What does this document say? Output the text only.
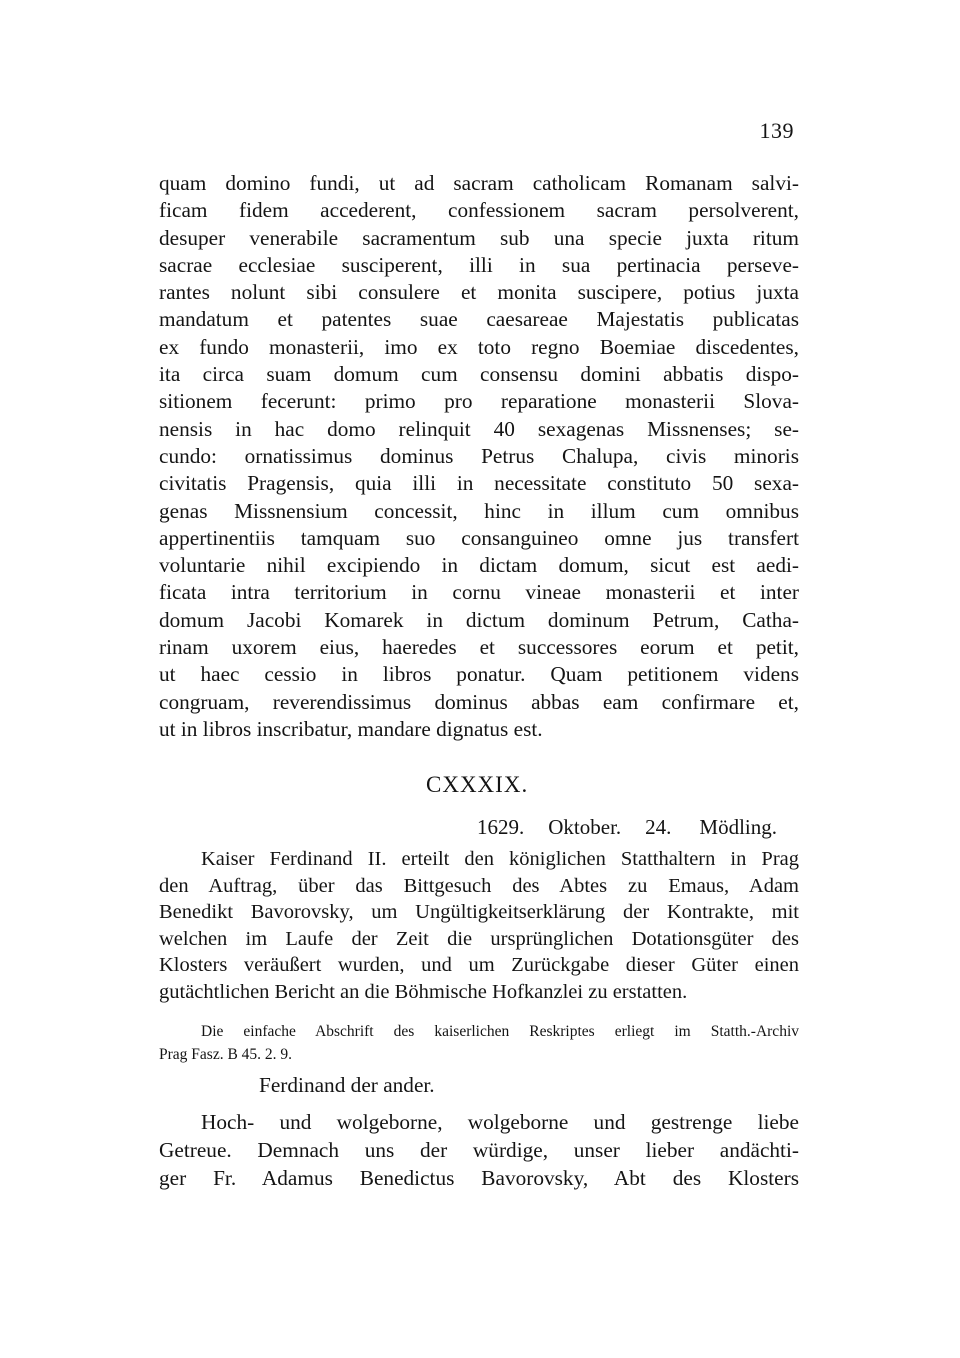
139
quam domino fundi, ut ad sacram catholicam Romanam salvi-
ficam fidem accederent, confessionem sacram persolverent,
desuper venerabile sacramentum sub una specie juxta ritum
sacrae ecclesiae susciperent, illi in sua pertinacia perseve-
rantes nolunt sibi consulere et monita suscipere, potius juxta
mandatum et patentes suae caesareae Majestatis publicatas
ex fundo monasterii, imo ex toto regno Boemiae discedentes,
ita circa suam domum cum consensu domini abbatis dispo-
sitionem fecerunt: primo pro reparatione monasterii Slova-
nensis in hac domo relinquit 40 sexagenas Missnenses; se-
cundo: ornatissimus dominus Petrus Chalupa, civis minoris
civitatis Pragensis, quia illi in necessitate constituto 50 sexa-
genas Missnensium concessit, hinc in illum cum omnibus
appertinentiis tamquam suo consanguineo omne jus transfert
voluntarie nihil excipiendo in dictam domum, sicut est aedi-
ficata intra territorium in cornu vineae monasterii et inter
domum Jacobi Komarek in dictum dominum Petrum, Catha-
rinam uxorem eius, haeredes et successores eorum et petit,
ut haec cessio in libros ponatur. Quam petitionem videns
congruam, reverendissimus dominus abbas eam confirmare et,
ut in libros inscribatur, mandare dignatus est.
CXXXIX.
1629. Oktober. 24. Mödling.
Kaiser Ferdinand II. erteilt den königlichen Statthaltern in Prag
den Auftrag, über das Bittgesuch des Abtes zu Emaus, Adam
Benedikt Bavorovsky, um Ungültigkeitserklärung der Kontrakte, mit
welchen im Laufe der Zeit die ursprünglichen Dotationsgüter des
Klosters veräußert wurden, und um Zurückgabe dieser Güter einen
gutächtlichen Bericht an die Böhmische Hofkanzlei zu erstatten.
Die einfache Abschrift des kaiserlichen Reskriptes erliegt im Statth.-Archiv
Prag Fasz. B 45. 2. 9.
Ferdinand der ander.
Hoch- und wolgeborne, wolgeborne und gestrenge liebe
Getreue. Demnach uns der würdige, unser lieber andächti-
ger Fr. Adamus Benedictus Bavorovsky, Abt des Klosters
